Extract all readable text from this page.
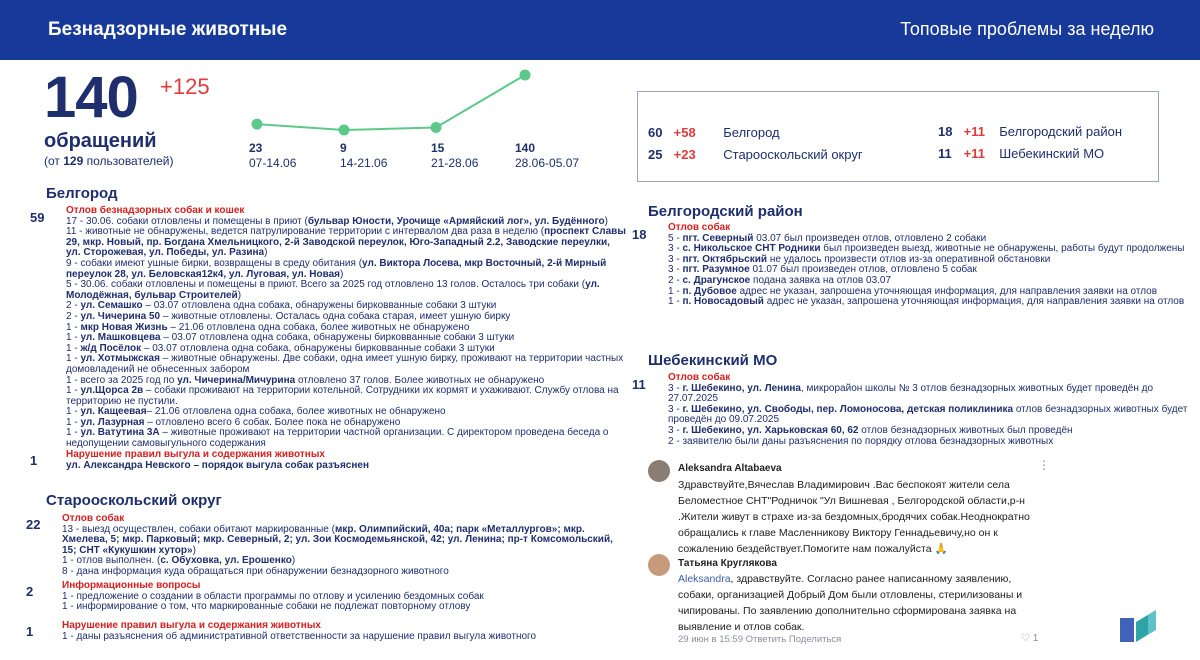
Безнадзорные животные	Топовые проблемы за неделю
140 +125
обращений
(от 129 пользователей)
23
07-14.06
9
14-21.06
15
21-28.06
140
28.06-05.07
60 +58 Белгород	18 +11 Белгородский район
25 +23 Старооскольский округ	11 +11 Шебекинский МО
Белгород
59 Отлов безнадзорных собак и кошек
17 - 30.06. собаки отловлены и помещены в приют (бульвар Юности, Урочище «Армяйский лог», ул. Будённого)
11 - животные не обнаружены, ведется патрулирование территории с интервалом два раза в неделю (проспект Славы 29, мкр. Новый, пр. Богдана Хмельницкого, 2-й Заводской переулок, Юго-Западный 2.2, Заводские переулки, ул. Сторожевая, ул. Победы, ул. Разина)
9 - собаки имеют ушные бирки, возвращены в среду обитания (ул. Виктора Лосева, мкр Восточный, 2-й Мирный переулок 28, ул. Беловская12к4, ул. Луговая, ул. Новая)
5 - 30.06. собаки отловлены и помещены в приют. Всего за 2025 год отловлено 13 голов. Осталось три собаки (ул. Молодёжная, бульвар Строителей)
2 - ул. Семашко – 03.07 отловлена одна собака, обнаружены бирковванные собаки 3 штуки
2 - ул. Чичерина 50 – животные отловлены. Осталась одна собака старая, имеет ушную бирку
1 - мкр Новая Жизнь – 21.06 отловлена одна собака, более животных не обнаружено
1 - ул. Машковцева – 03.07 отловлена одна собака, обнаружены бирковванные собаки 3 штуки
1 - ж/д Посёлок – 03.07 отловлена одна собака, обнаружены бирковванные собаки 3 штуки
1 - ул. Хотмыжская – животные обнаружены. Две собаки, одна имеет ушную бирку, проживают на территории частных домовладений не обнесенных забором
1 - всего за 2025 год по ул. Чичерина/Мичурина отловлено 37 голов. Более животных не обнаружено
1 - ул.Щорса 2в – собаки проживают на территории котельной. Сотрудники их кормят и ухаживают. Службу отлова на территорию не пустили.
1 - ул. Кащеевая– 21.06 отловлена одна собака, более животных не обнаружено
1 - ул. Лазурная – отловлено всего 6 собак. Более пока не обнаружено
1 - ул. Ватутина 3А – животные проживают на территории частной организации. С директором проведена беседа о недопущении самовыгульного содержания
1	Нарушение правил выгула и содержания животных
ул. Александра Невского – порядок выгула собак разъяснен
Старооскольский округ
22 Отлов собак
13 - выезд осуществлен, собаки обитают маркированные (мкр. Олимпийский, 40а; парк «Металлургов»; мкр. Хмелева, 5; мкр. Парковый; мкр. Северный, 2; ул. Зои Космодемьянской, 42; ул. Ленина; пр-т Комсомольский, 15; СНТ «Кукушкин хутор»)
1 - отлов выполнен. (с. Обуховка, ул. Ерошенко)
8 - дана информация куда обращаться при обнаружении безнадзорного животного
2	Информационные вопросы
1 - предложение о создании в области программы по отлову и усилению бездомных собак
1 - информирование о том, что маркированные собаки не подлежат повторному отлову
1	Нарушение правил выгула и содержания животных
1 - даны разъяснения об административной ответственности за нарушение правил выгула животного
Белгородский район
18 Отлов собак
5 - пгт. Северный 03.07 был произведен отлов, отловлено 2 собаки
3 - с. Никольское СНТ Родники был произведен выезд, животные не обнаружены, работы будут продолжены
3 - пгт. Октябрьский не удалось произвести отлов из-за оперативной обстановки
3 - пгт. Разумное 01.07 был произведен отлов, отловлено 5 собак
2 - с. Драгунское подана заявка на отлов 03.07
1 - п. Дубовое адрес не указан, запрошена уточняющая информация, для направления заявки на отлов
1 - п. Новосадовый адрес не указан, запрошена уточняющая информация, для направления заявки на отлов
Шебекинский МО
11 Отлов собак
3 - г. Шебекино, ул. Ленина, микрорайон школы № 3 отлов безнадзорных животных будет проведён до 27.07.2025
3 - г. Шебекино, ул. Свободы, пер. Ломоносова, детская поликлиника отлов безнадзорных животных будет проведён до 09.07.2025
3 - г. Шебекино, ул. Харьковская 60, 62 отлов безнадзорных животных был проведён
2 - заявителю были даны разъяснения по порядку отлова безнадзорных животных
Aleksandra Altabaeva	⋮
Здравствуйте,Вячеслав Владимирович .Вас беспокоят жители села
Беломестное СНТ"Родничок "Ул Вишневая , Белгородской области,р-н
.Жители живут в страхе из-за бездомных,бродячих собак.Неоднократно
обращались к главе Масленникову Виктору Геннадьевичу,но он к
сожалению бездействует.Помогите нам пожалуйста 🙏
Татьяна Круглякова
Aleksandra, здравствуйте. Согласно ранее написанному заявлению,
собаки, организацией Добрый Дом были отловлены, стерилизованы и
чипированы. По заявлению дополнительно сформирована заявка на
выявление и отлов собак.
29 июн в 15:59 Ответить Поделиться	♡ 1
